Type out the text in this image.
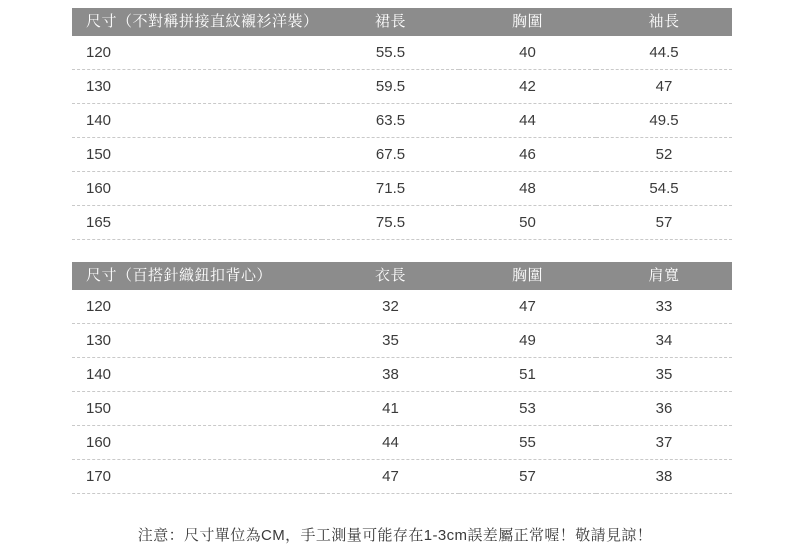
尺寸（不對稱拼接直紋襯衫洋裝）	裙長	胸圍	袖長
120	55.5	40	44.5
130	59.5	42	47
140	63.5	44	49.5
150	67.5	46	52
160	71.5	48	54.5
165	75.5	50	57
尺寸（百搭針織鈕扣背心）	衣長	胸圍	肩寬
120	32	47	33
130	35	49	34
140	38	51	35
150	41	53	36
160	44	55	37
170	47	57	38
注意：尺寸單位為CM，手工測量可能存在1-3cm誤差屬正常喔！敬請見諒！
